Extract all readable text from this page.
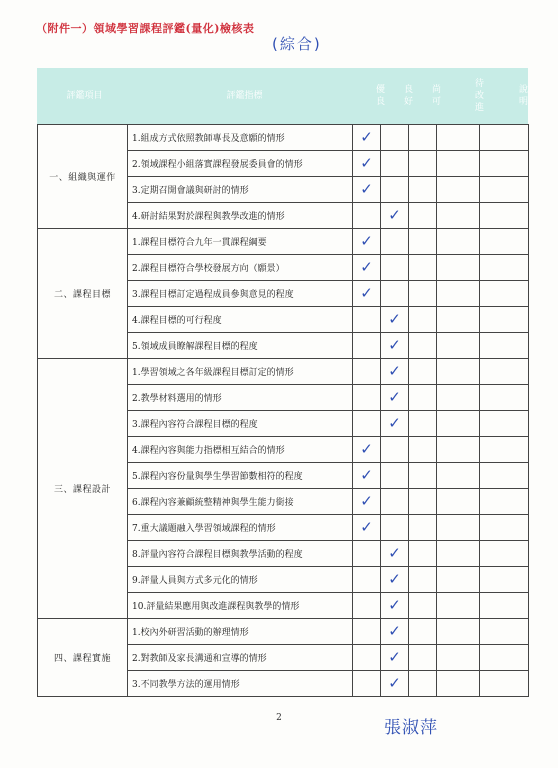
（附件一）領域學習課程評鑑(量化)檢核表
(綜合)
評鑑項目	評鑑指標	優良	良好	尚可	待改進	說明
一、組織與運作	1.組成方式依照教師專長及意願的情形	✓				

	2.領域課程小組落實課程發展委員會的情形	✓				

	3.定期召開會議與研討的情形	✓				

	4.研討結果對於課程與教學改進的情形		✓			

二、課程目標	1.課程目標符合九年一貫課程綱要	✓				

	2.課程目標符合學校發展方向（願景）	✓				

	3.課程目標訂定過程成員參與意見的程度	✓				

	4.課程目標的可行程度		✓			

	5.領域成員瞭解課程目標的程度		✓			

三、課程設計	1.學習領域之各年級課程目標訂定的情形		✓			

	2.教學材料選用的情形		✓			

	3.課程內容符合課程目標的程度		✓			

	4.課程內容與能力指標相互結合的情形	✓				

	5.課程內容份量與學生學習節數相符的程度	✓				

	6.課程內容兼顧統整精神與學生能力銜接	✓				

	7.重大議題融入學習領域課程的情形	✓				

	8.評量內容符合課程目標與教學活動的程度		✓			

	9.評量人員與方式多元化的情形		✓			

	10.評量結果應用與改進課程與教學的情形		✓			

四、課程實施	1.校內外研習活動的辦理情形		✓			

	2.對教師及家長溝通和宣導的情形		✓			

	3.不同教學方法的運用情形		✓			

2	張淑萍
